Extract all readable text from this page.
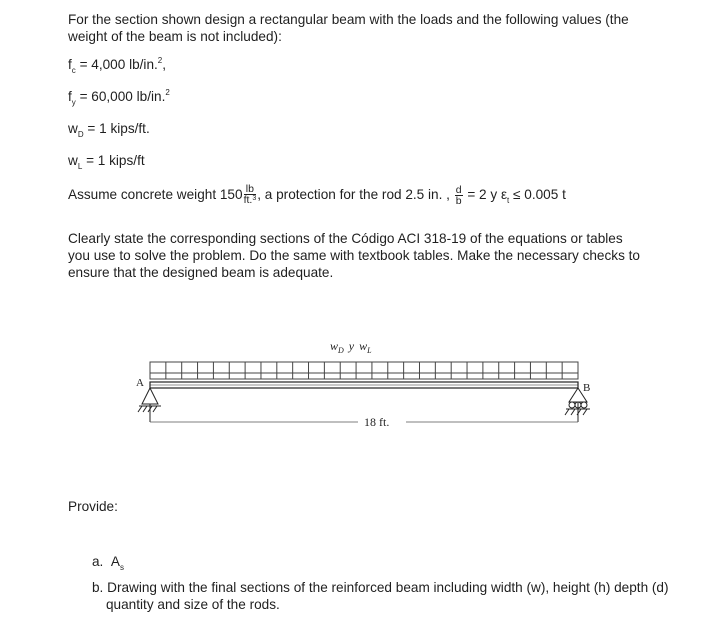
For the section shown design a rectangular beam with the loads and the following values (the
weight of the beam is not included):
$f_c = 4,000$ lb/in.$^2$,
$f_y = 60,000$ lb/in.$^2$
$w_D = 1$ kips/ft.
$w_L = 1$ kips/ft
Assume concrete weight $150 \frac{lb}{ft.^3}$ , a protection for the rod 2.5 in. , $\frac{d}{b} = 2$ y $\varepsilon_t \le 0.005$ t
Clearly state the corresponding sections of the Código ACI 318-19 of the equations or tables
you use to solve the problem. Do the same with textbook tables. Make the necessary checks to
ensure that the designed beam is adequate.
$w_D$ y $w_L$
A	B
18 ft.
Provide:
a. $A_s$
b. Drawing with the final sections of the reinforced beam including width (w), height (h) depth (d)
quantity and size of the rods.
